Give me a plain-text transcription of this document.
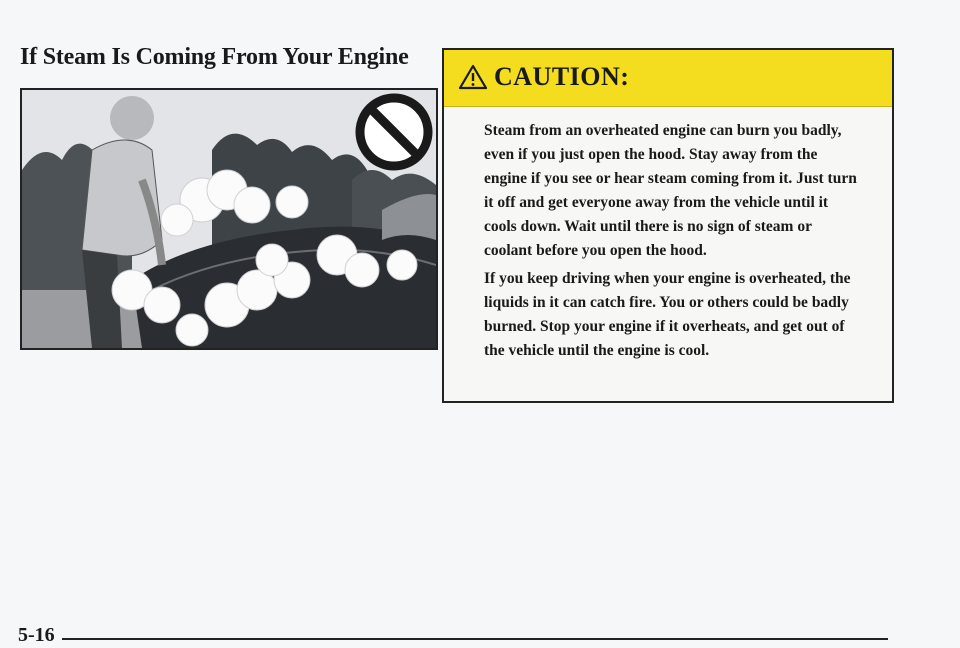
If Steam Is Coming From Your Engine
CAUTION:

Steam from an overheated engine can burn you badly, even if you just open the hood. Stay away from the engine if you see or hear steam coming from it. Just turn it off and get everyone away from the vehicle until it cools down. Wait until there is no sign of steam or coolant before you open the hood.

If you keep driving when your engine is overheated, the liquids in it can catch fire. You or others could be badly burned. Stop your engine if it overheats, and get out of the vehicle until the engine is cool.

5-16
